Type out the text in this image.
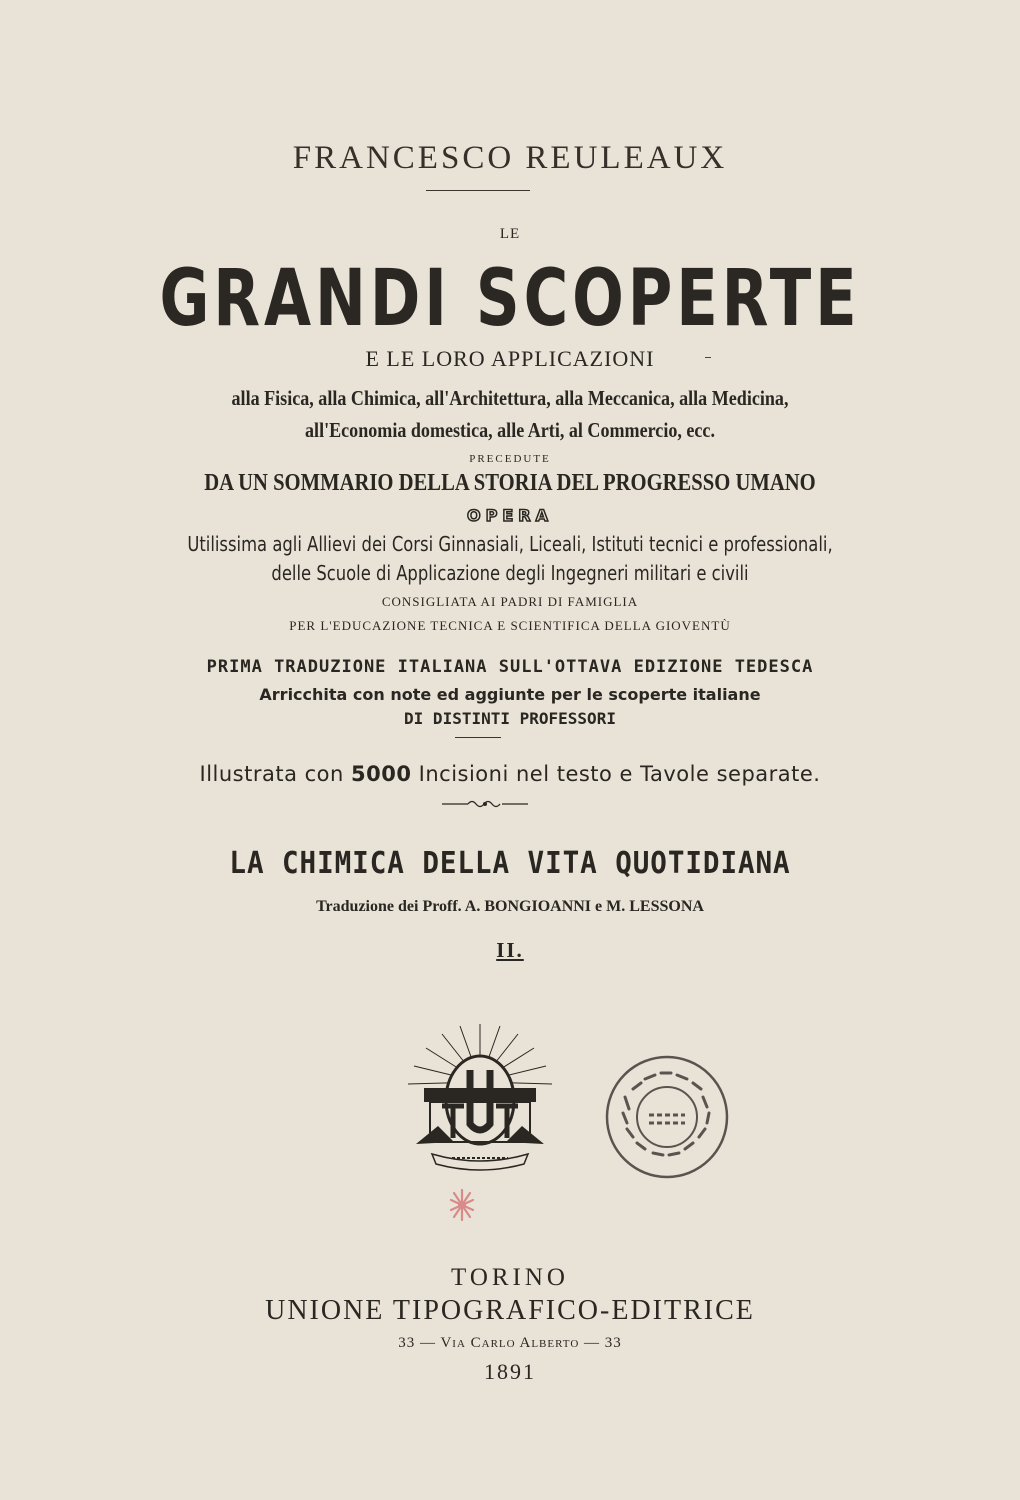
FRANCESCO REULEAUX
LE
GRANDI SCOPERTE
E LE LORO APPLICAZIONI
alla Fisica, alla Chimica, all'Architettura, alla Meccanica, alla Medicina,
all'Economia domestica, alle Arti, al Commercio, ecc.
PRECEDUTE
DA UN SOMMARIO DELLA STORIA DEL PROGRESSO UMANO
OPERA
Utilissima agli Allievi dei Corsi Ginnasiali, Liceali, Istituti tecnici e professionali,
delle Scuole di Applicazione degli Ingegneri militari e civili
CONSIGLIATA AI PADRI DI FAMIGLIA
PER L'EDUCAZIONE TECNICA E SCIENTIFICA DELLA GIOVENTÙ
PRIMA TRADUZIONE ITALIANA SULL'OTTAVA EDIZIONE TEDESCA
Arricchita con note ed aggiunte per le scoperte italiane
DI DISTINTI PROFESSORI
Illustrata con 5000 Incisioni nel testo e Tavole separate.
LA CHIMICA DELLA VITA QUOTIDIANA
Traduzione dei Proff. A. BONGIOANNI e M. LESSONA
II.
TORINO
UNIONE TIPOGRAFICO-EDITRICE
33 — Via Carlo Alberto — 33
1891
